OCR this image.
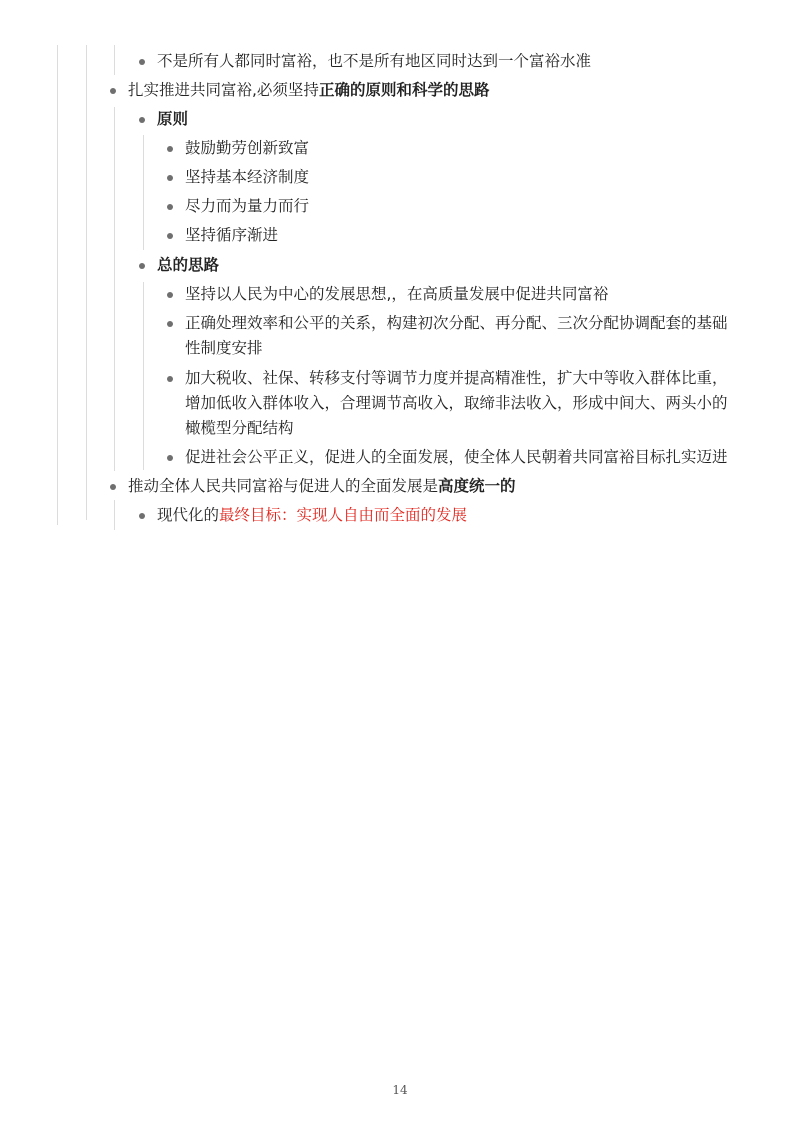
不是所有人都同时富裕，也不是所有地区同时达到一个富裕水准
扎实推进共同富裕,必须坚持正确的原则和科学的思路
原则
鼓励勤劳创新致富
坚持基本经济制度
尽力而为量力而行
坚持循序渐进
总的思路
坚持以人民为中心的发展思想,，在高质量发展中促进共同富裕
正确处理效率和公平的关系，构建初次分配、再分配、三次分配协调配套的基础
性制度安排
加大税收、社保、转移支付等调节力度并提高精准性，扩大中等收入群体比重，
增加低收入群体收入，合理调节高收入，取缔非法收入，形成中间大、两头小的
橄榄型分配结构
促进社会公平正义，促进人的全面发展，使全体人民朝着共同富裕目标扎实迈进
推动全体人民共同富裕与促进人的全面发展是高度统一的
现代化的最终目标：实现人自由而全面的发展
14
